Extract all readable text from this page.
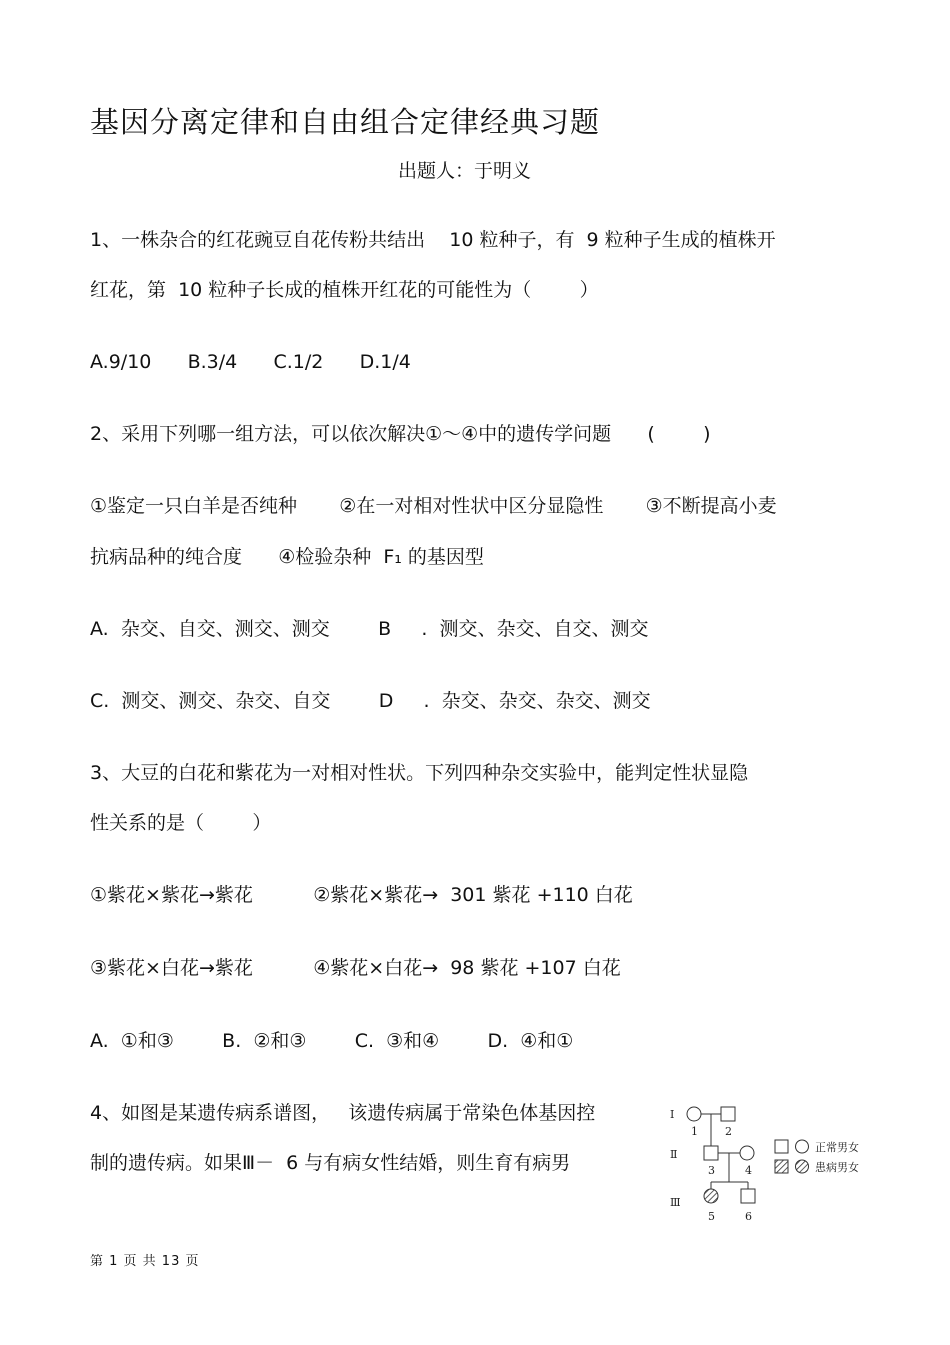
基因分离定律和自由组合定律经典习题
出题人：于明义
1、一株杂合的红花豌豆自花传粉共结出    10 粒种子，有  9 粒种子生成的植株开
红花，第  10 粒种子长成的植株开红花的可能性为（        ）
A.9/10      B.3/4      C.1/2      D.1/4
2、采用下列哪一组方法，可以依次解决①～④中的遗传学问题      (        )
①鉴定一只白羊是否纯种       ②在一对相对性状中区分显隐性       ③不断提高小麦
抗病品种的纯合度      ④检验杂种  F₁ 的基因型
A.  杂交、自交、测交、测交        B     .  测交、杂交、自交、测交
C.  测交、测交、杂交、自交        D     .  杂交、杂交、杂交、测交
3、大豆的白花和紫花为一对相对性状。下列四种杂交实验中，能判定性状显隐
性关系的是（        ）
①紫花×紫花→紫花          ②紫花×紫花→  301 紫花 +110 白花
③紫花×白花→紫花          ④紫花×白花→  98 紫花 +107 白花
A.  ①和③        B.  ②和③        C.  ③和④        D.  ④和①
4、如图是某遗传病系谱图，   该遗传病属于常染色体基因控
制的遗传病。如果Ⅲ－  6 与有病女性结婚，则生育有病男
Ⅰ
Ⅱ
Ⅲ
1 2
3	4
5	6
正常男女
患病男女
第 1 页 共 13 页
